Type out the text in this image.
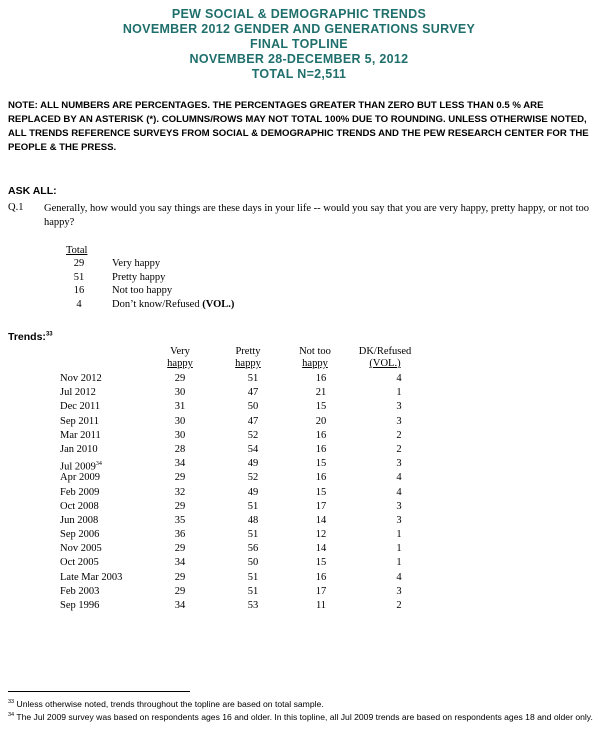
PEW SOCIAL & DEMOGRAPHIC TRENDS
NOVEMBER 2012 GENDER AND GENERATIONS SURVEY
FINAL TOPLINE
NOVEMBER 28-DECEMBER 5, 2012
TOTAL N=2,511
NOTE: ALL NUMBERS ARE PERCENTAGES. THE PERCENTAGES GREATER THAN ZERO BUT LESS THAN 0.5 % ARE REPLACED BY AN ASTERISK (*). COLUMNS/ROWS MAY NOT TOTAL 100% DUE TO ROUNDING. UNLESS OTHERWISE NOTED, ALL TRENDS REFERENCE SURVEYS FROM SOCIAL & DEMOGRAPHIC TRENDS AND THE PEW RESEARCH CENTER FOR THE PEOPLE & THE PRESS.
ASK ALL:
Q.1 Generally, how would you say things are these days in your life -- would you say that you are very happy, pretty happy, or not too happy?
Total
29	Very happy
51	Pretty happy
16	Not too happy
4	Don’t know/Refused (VOL.)
Trends:$^{33}$
Very
happy
Pretty
happy
Not too
happy
DK/Refused
(VOL.)
Nov 2012	29	51	16	4
Jul 2012	30	47	21	1
Dec 2011	31	50	15	3
Sep 2011	30	47	20	3
Mar 2011	30	52	16	2
Jan 2010	28	54	16	2
Jul 2009$^{34}$	34	49	15	3
Apr 2009	29	52	16	4
Feb 2009	32	49	15	4
Oct 2008	29	51	17	3
Jun 2008	35	48	14	3
Sep 2006	36	51	12	1
Nov 2005	29	56	14	1
Oct 2005	34	50	15	1
Late Mar 2003	29	51	16	4
Feb 2003	29	51	17	3
Sep 1996	34	53	11	2
$^{33}$ Unless otherwise noted, trends throughout the topline are based on total sample.
$^{34}$ The Jul 2009 survey was based on respondents ages 16 and older. In this topline, all Jul 2009 trends are based on respondents ages 18 and older only.
